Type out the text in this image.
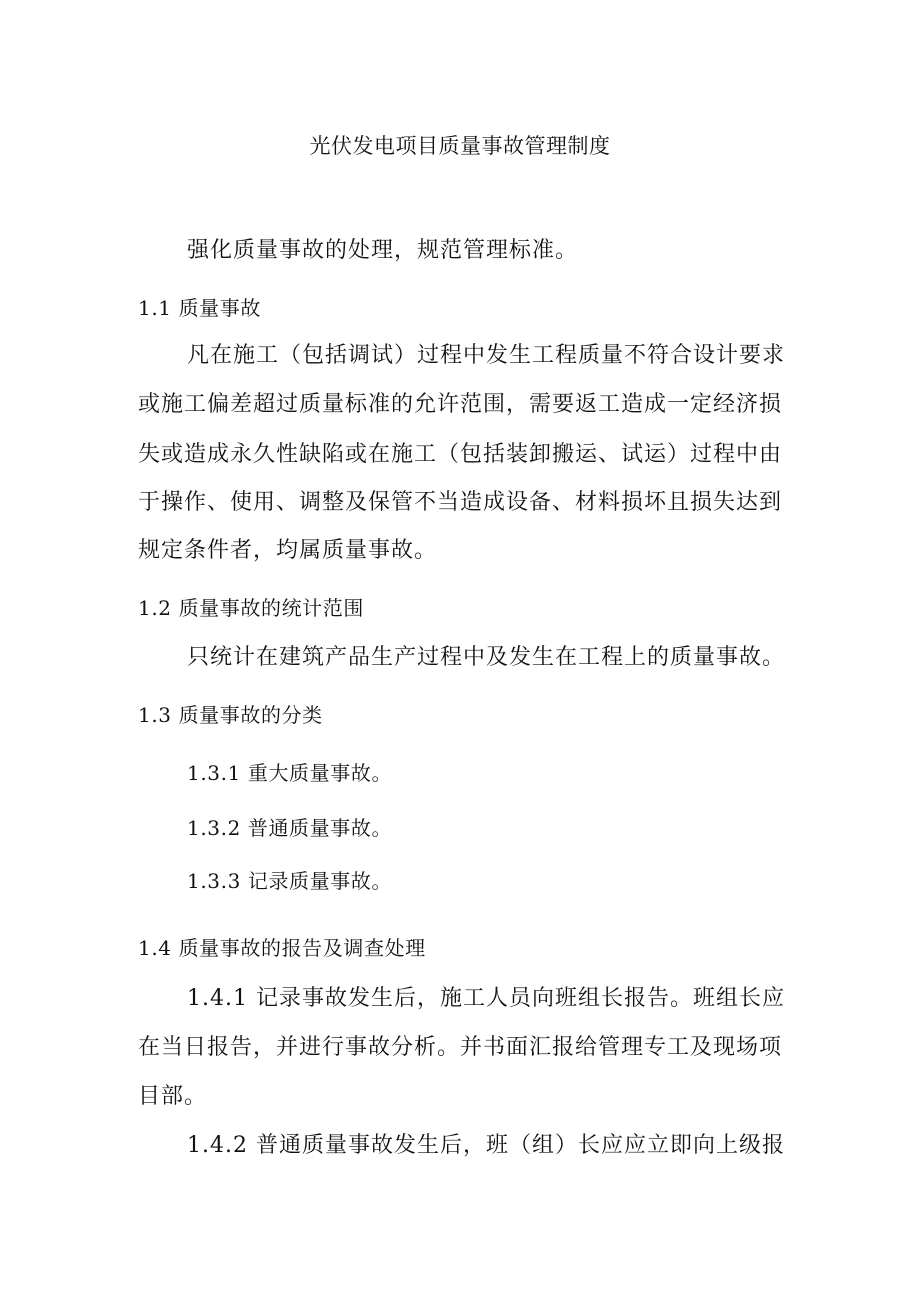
光伏发电项目质量事故管理制度
强化质量事故的处理，规范管理标准。
1.1 质量事故
凡在施工（包括调试）过程中发生工程质量不符合设计要求
或施工偏差超过质量标准的允许范围，需要返工造成一定经济损
失或造成永久性缺陷或在施工（包括装卸搬运、试运）过程中由
于操作、使用、调整及保管不当造成设备、材料损坏且损失达到
规定条件者，均属质量事故。
1.2 质量事故的统计范围
只统计在建筑产品生产过程中及发生在工程上的质量事故。
1.3 质量事故的分类
1.3.1 重大质量事故。
1.3.2 普通质量事故。
1.3.3 记录质量事故。
1.4 质量事故的报告及调查处理
1.4.1 记录事故发生后，施工人员向班组长报告。班组长应
在当日报告，并进行事故分析。并书面汇报给管理专工及现场项
目部。
1.4.2 普通质量事故发生后，班（组）长应应立即向上级报
